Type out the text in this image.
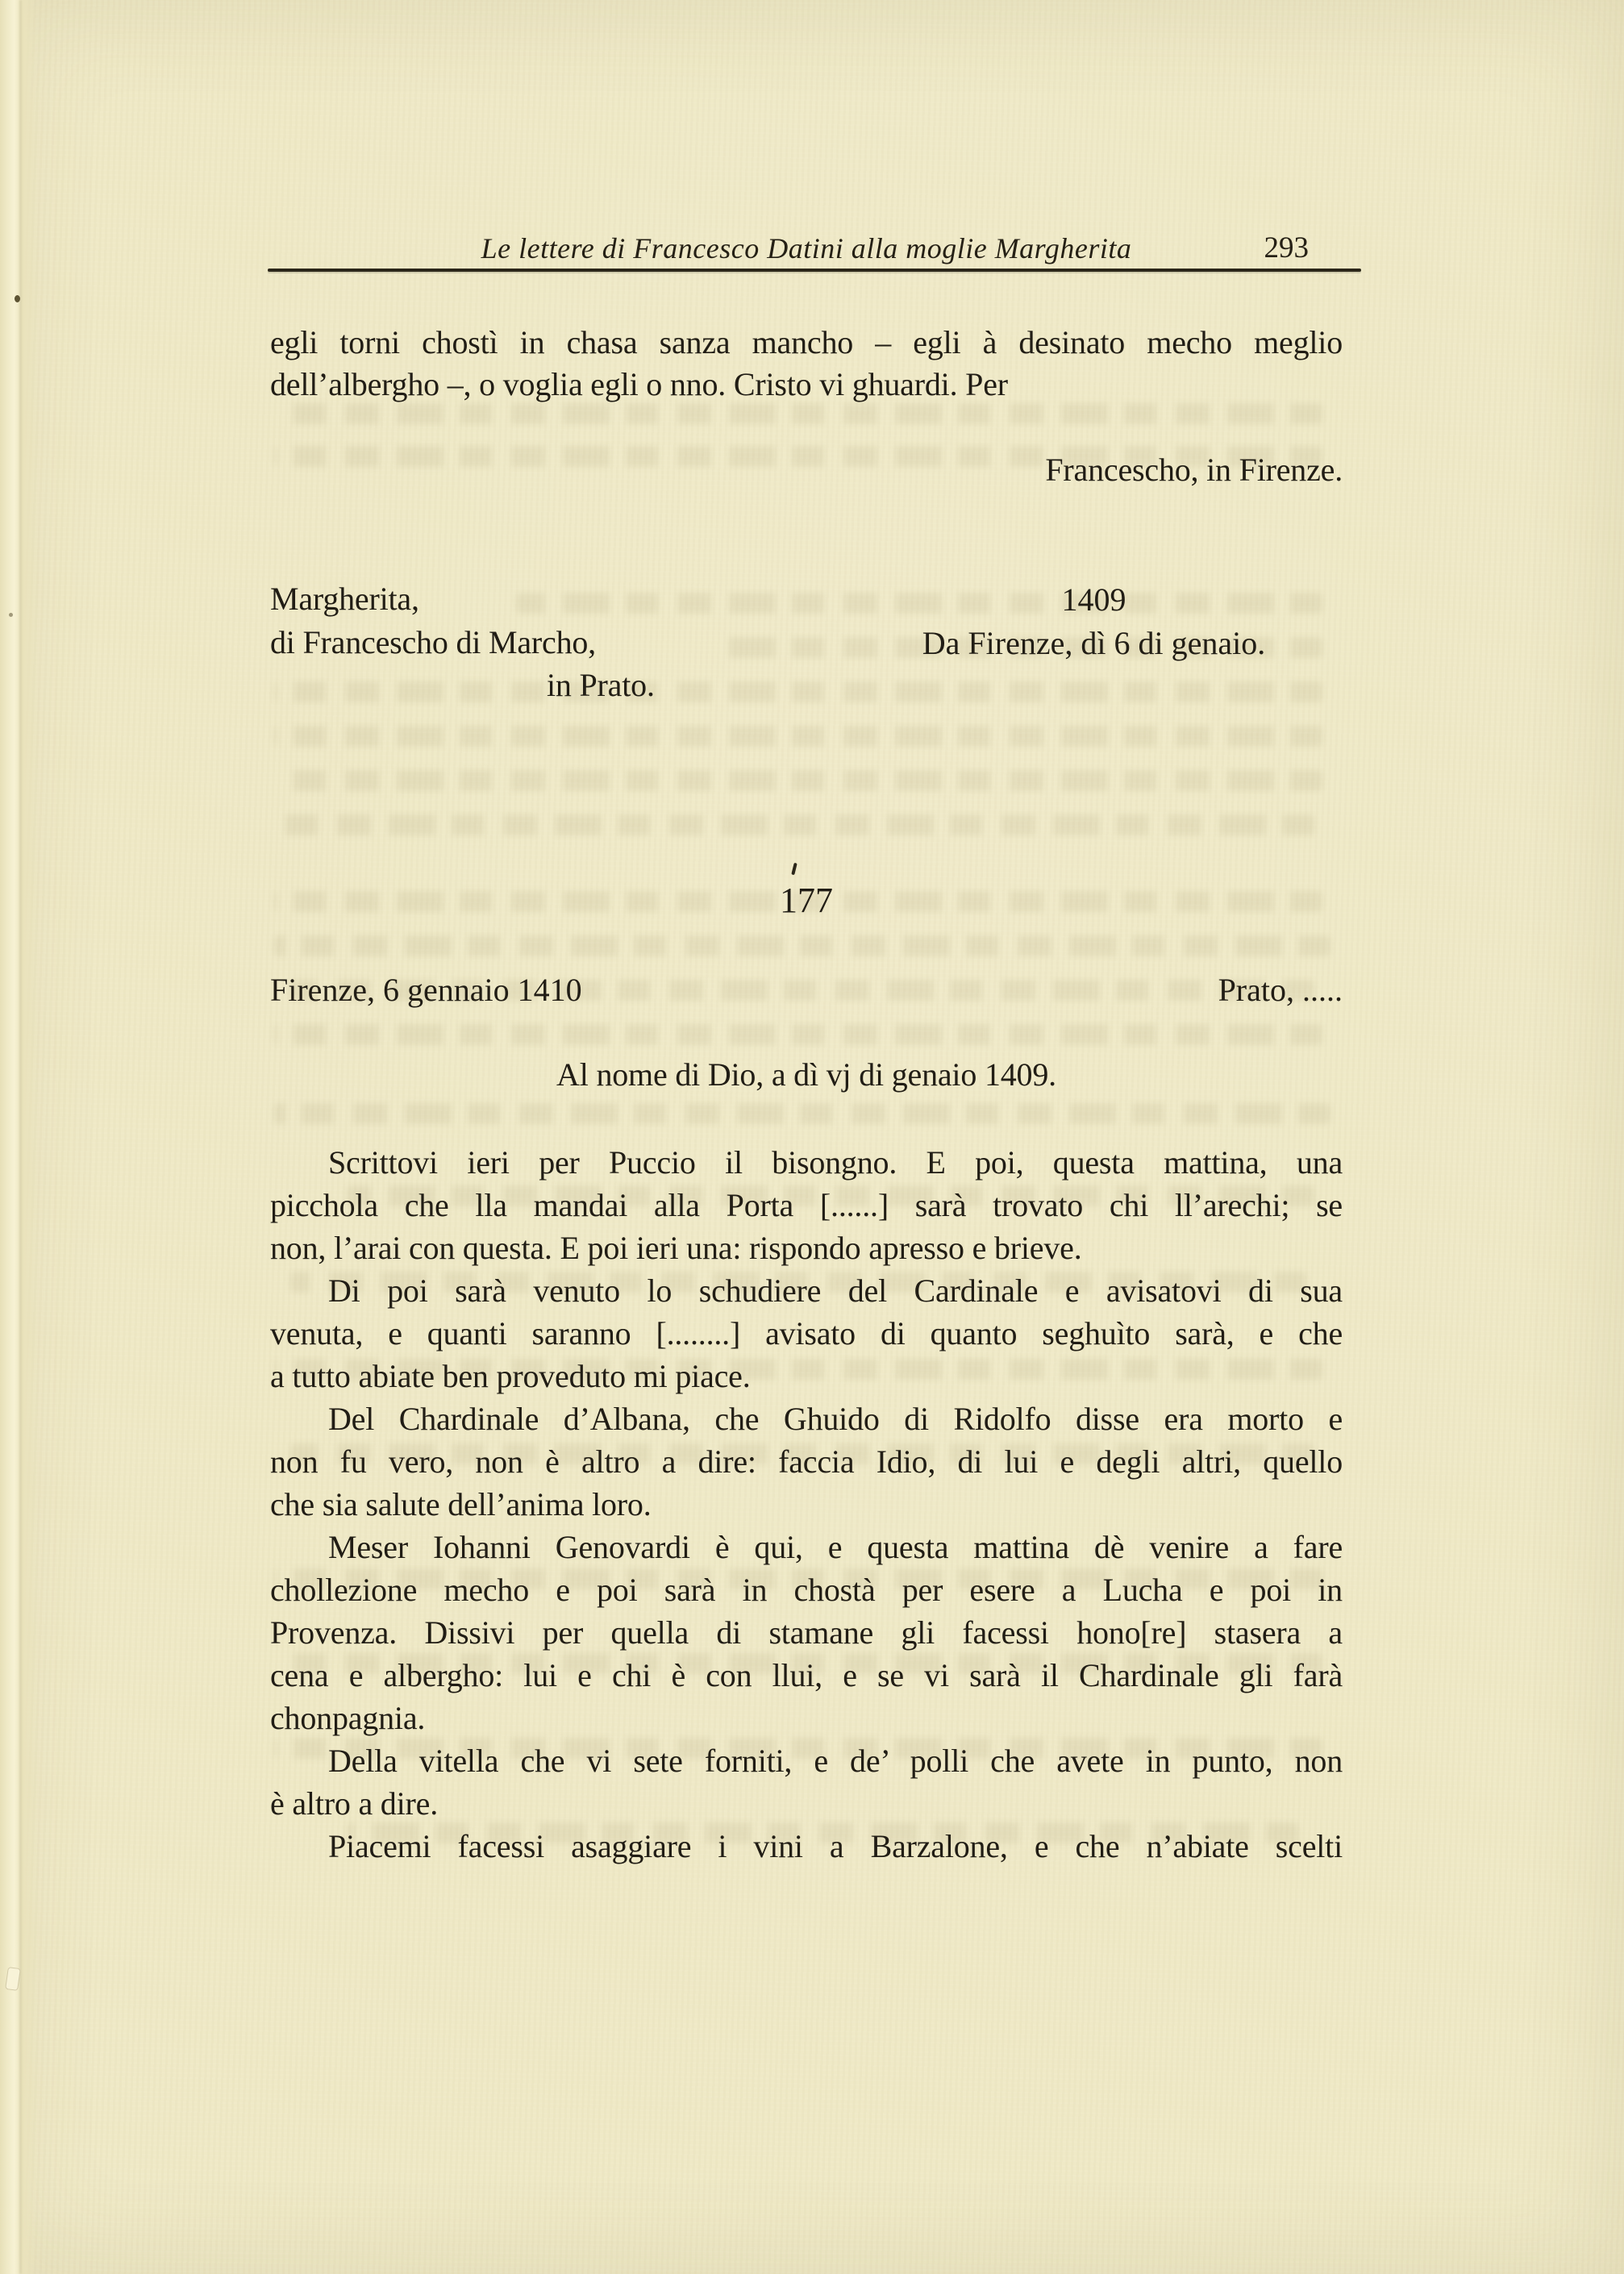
Le lettere di Francesco Datini alla moglie Margherita	293
egli torni chostì in chasa sanza mancho – egli à desinato mecho meglio
dell’albergho –, o voglia egli o nno. Cristo vi ghuardi. Per
Francescho, in Firenze.
Margherita,
di Francescho di Marcho,
in Prato.
1409
Da Firenze, dì 6 di genaio.
177
Firenze, 6 gennaio 1410	Prato, .....
Al nome di Dio, a dì vj di genaio 1409.
Scrittovi ieri per Puccio il bisongno. E poi, questa mattina, una
picchola che lla mandai alla Porta [......] sarà trovato chi ll’arechi; se
non, l’arai con questa. E poi ieri una: rispondo apresso e brieve.
Di poi sarà venuto lo schudiere del Cardinale e avisatovi di sua
venuta, e quanti saranno [........] avisato di quanto seghuìto sarà, e che
a tutto abiate ben proveduto mi piace.
Del Chardinale d’Albana, che Ghuido di Ridolfo disse era morto e
non fu vero, non è altro a dire: faccia Idio, di lui e degli altri, quello
che sia salute dell’anima loro.
Meser Iohanni Genovardi è qui, e questa mattina dè venire a fare
chollezione mecho e poi sarà in chostà per esere a Lucha e poi in
Provenza. Dissivi per quella di stamane gli facessi hono[re] stasera a
cena e albergho: lui e chi è con llui, e se vi sarà il Chardinale gli farà
chonpagnia.
Della vitella che vi sete forniti, e de’ polli che avete in punto, non
è altro a dire.
Piacemi facessi asaggiare i vini a Barzalone, e che n’abiate scelti
